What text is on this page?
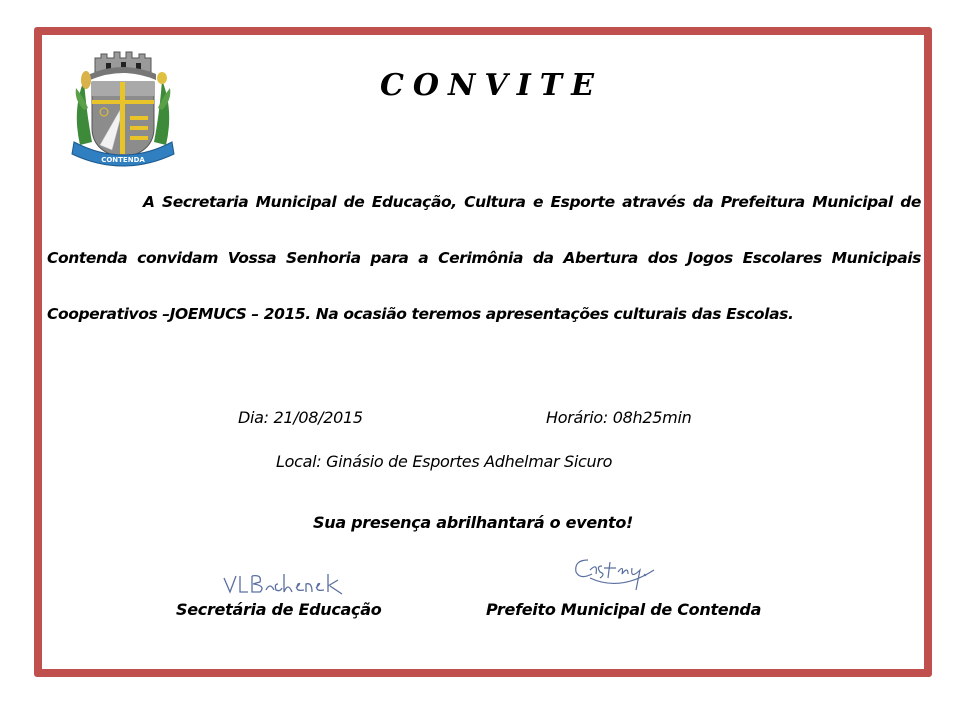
CONTENDA
CONVITE
A Secretaria Municipal de Educação, Cultura e Esporte através da Prefeitura Municipal de Contenda convidam Vossa Senhoria para a Cerimônia da Abertura dos Jogos Escolares Municipais Cooperativos –JOEMUCS – 2015. Na ocasião teremos apresentações culturais das Escolas.
Dia: 21/08/2015	Horário: 08h25min
Local: Ginásio de Esportes Adhelmar Sicuro
Sua presença abrilhantará o evento!
Secretária de Educação	Prefeito Municipal de Contenda
